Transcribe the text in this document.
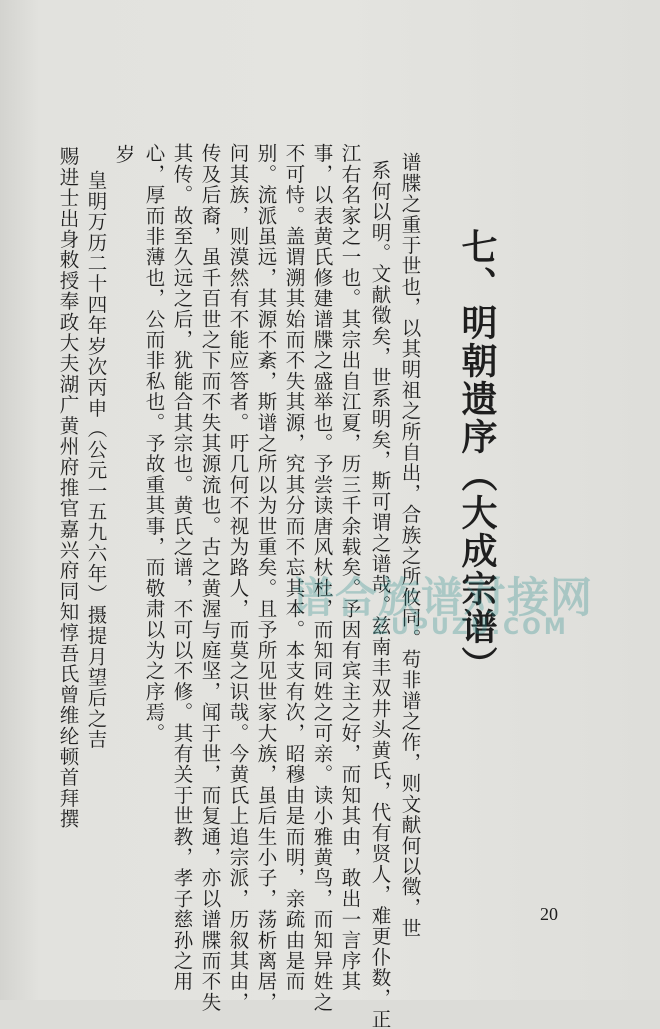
七、明朝遗序（大成宗谱）
谱牒之重于世也，以其明祖之所自出，合族之所攸同。苟非谱之作，则文献何以徵，世
系何以明。文献徵矣，世系明矣，斯可谓之谱哉。兹南丰双井头黄氏，代有贤人，难更仆数，正
江右名家之一也。其宗出自江夏，历三千余载矣。予因有宾主之好，而知其由，敢出一言序其
事，以表黄氏修建谱牒之盛举也。予尝读唐风杕杜，而知同姓之可亲。读小雅黄鸟，而知异姓之
不可恃。盖谓溯其始而不失其源，究其分而不忘其本。本支有次，昭穆由是而明，亲疏由是而
别。流派虽远，其源不紊，斯谱之所以为世重矣。且予所见世家大族，虽后生小子，荡析离居，
问其族，则漠然有不能应答者。吁几何不视为路人，而莫之识哉。今黄氏上追宗派，历叙其由，
传及后裔，虽千百世之下而不失其源流也。古之黄渥与庭坚，闻于世，而复通，亦以谱牒而不失
其传。故至久远之后，犹能合其宗也。黄氏之谱，不可以不修。其有关于世教，孝子慈孙之用
心，厚而非薄也，公而非私也。予故重其事，而敬肃以为之序焉。
岁
皇明万历二十四年岁次丙申（公元一五九六年）摄提月望后之吉
赐进士出身敕授奉政大夫湖广黄州府推官嘉兴府同知惇吾氏曾维纶顿首拜撰	谱合族谱对接网
ZUPUZU.COM
20
